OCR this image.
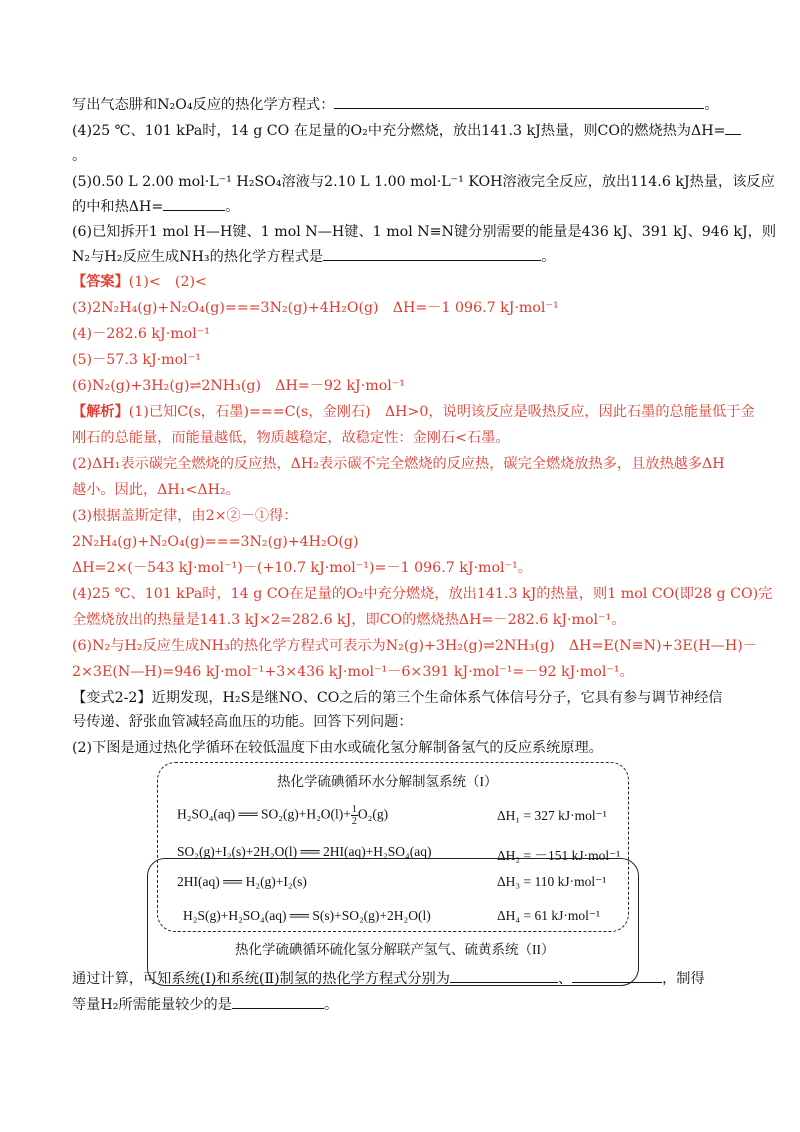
写出气态肼和N₂O₄反应的热化学方程式：	。
(4)25 ℃、101 kPa时，14 g CO 在足量的O₂中充分燃烧，放出141.3 kJ热量，则CO的燃烧热为ΔH=
。
(5)0.50 L 2.00 mol·L⁻¹ H₂SO₄溶液与2.10 L 1.00 mol·L⁻¹ KOH溶液完全反应，放出114.6 kJ热量，该反应
的中和热ΔH=	。
(6)已知拆开1 mol H—H键、1 mol N—H键、1 mol N≡N键分别需要的能量是436 kJ、391 kJ、946 kJ，则
N₂与H₂反应生成NH₃的热化学方程式是	。
【答案】(1)<　(2)<
(3)2N₂H₄(g)+N₂O₄(g)===3N₂(g)+4H₂O(g)　ΔH=－1 096.7 kJ·mol⁻¹
(4)－282.6 kJ·mol⁻¹
(5)－57.3 kJ·mol⁻¹
(6)N₂(g)+3H₂(g)⇌2NH₃(g)　ΔH=－92 kJ·mol⁻¹
【解析】(1)已知C(s，石墨)===C(s，金刚石)　ΔH>0，说明该反应是吸热反应，因此石墨的总能量低于金
刚石的总能量，而能量越低，物质越稳定，故稳定性：金刚石<石墨。
(2)ΔH₁表示碳完全燃烧的反应热，ΔH₂表示碳不完全燃烧的反应热，碳完全燃烧放热多，且放热越多ΔH
越小。因此，ΔH₁<ΔH₂。
(3)根据盖斯定律，由2×②－①得：
2N₂H₄(g)+N₂O₄(g)===3N₂(g)+4H₂O(g)
ΔH=2×(－543 kJ·mol⁻¹)－(+10.7 kJ·mol⁻¹)=－1 096.7 kJ·mol⁻¹。
(4)25 ℃、101 kPa时，14 g CO在足量的O₂中充分燃烧，放出141.3 kJ的热量，则1 mol CO(即28 g CO)完
全燃烧放出的热量是141.3 kJ×2=282.6 kJ，即CO的燃烧热ΔH=－282.6 kJ·mol⁻¹。
(6)N₂与H₂反应生成NH₃的热化学方程式可表示为N₂(g)+3H₂(g)⇌2NH₃(g)　ΔH=E(N≡N)+3E(H—H)－
2×3E(N—H)=946 kJ·mol⁻¹+3×436 kJ·mol⁻¹－6×391 kJ·mol⁻¹=－92 kJ·mol⁻¹。
【变式2-2】近期发现，H₂S是继NO、CO之后的第三个生命体系气体信号分子，它具有参与调节神经信
号传递、舒张血管减轻高血压的功能。回答下列问题：
(2)下图是通过热化学循环在较低温度下由水或硫化氢分解制备氢气的反应系统原理。
热化学硫碘循环水分解制氢系统（I）
H₂SO₄(aq) ══ $SO_2(g)+H_2O(l)+ \frac{1}{2} O_2(g)$	ΔH₁ = 327 kJ·mol⁻¹
SO₂(g)+I₂(s)+2H₂O(l) ══ 2HI(aq)+H₂SO₄(aq)	ΔH₂ = －151 kJ·mol⁻¹
2HI(aq) ══ H₂(g)+I₂(s)	ΔH₃ = 110 kJ·mol⁻¹
H₂S(g)+H₂SO₄(aq) ══ S(s)+SO₂(g)+2H₂O(l)	ΔH₄ = 61 kJ·mol⁻¹
热化学硫碘循环硫化氢分解联产氢气、硫黄系统（II）
通过计算，可知系统(Ⅰ)和系统(Ⅱ)制氢的热化学方程式分别为	、	，制得
等量H₂所需能量较少的是	。
